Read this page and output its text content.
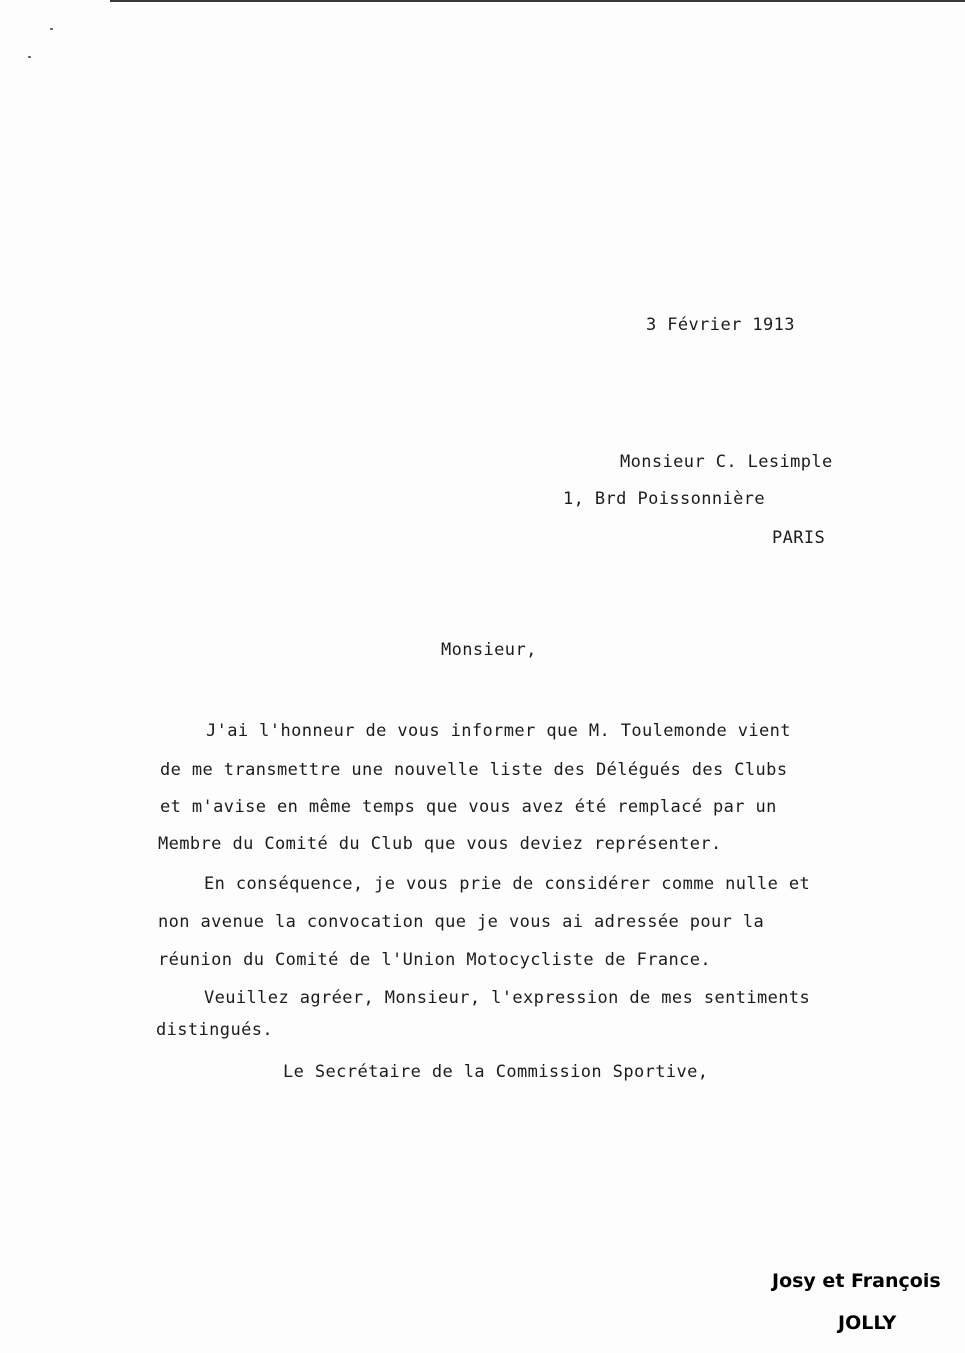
3 Février 1913
Monsieur C. Lesimple
1, Brd Poissonnière
PARIS
Monsieur,
J'ai l'honneur de vous informer que M. Toulemonde vient
de me transmettre une nouvelle liste des Délégués des Clubs
et m'avise en même temps que vous avez été remplacé par un
Membre du Comité du Club que vous deviez représenter.
En conséquence, je vous prie de considérer comme nulle et
non avenue la convocation que je vous ai adressée pour la
réunion du Comité de l'Union Motocycliste de France.
Veuillez agréer, Monsieur, l'expression de mes sentiments
distingués.
Le Secrétaire de la Commission Sportive,
Josy et François
JOLLY
